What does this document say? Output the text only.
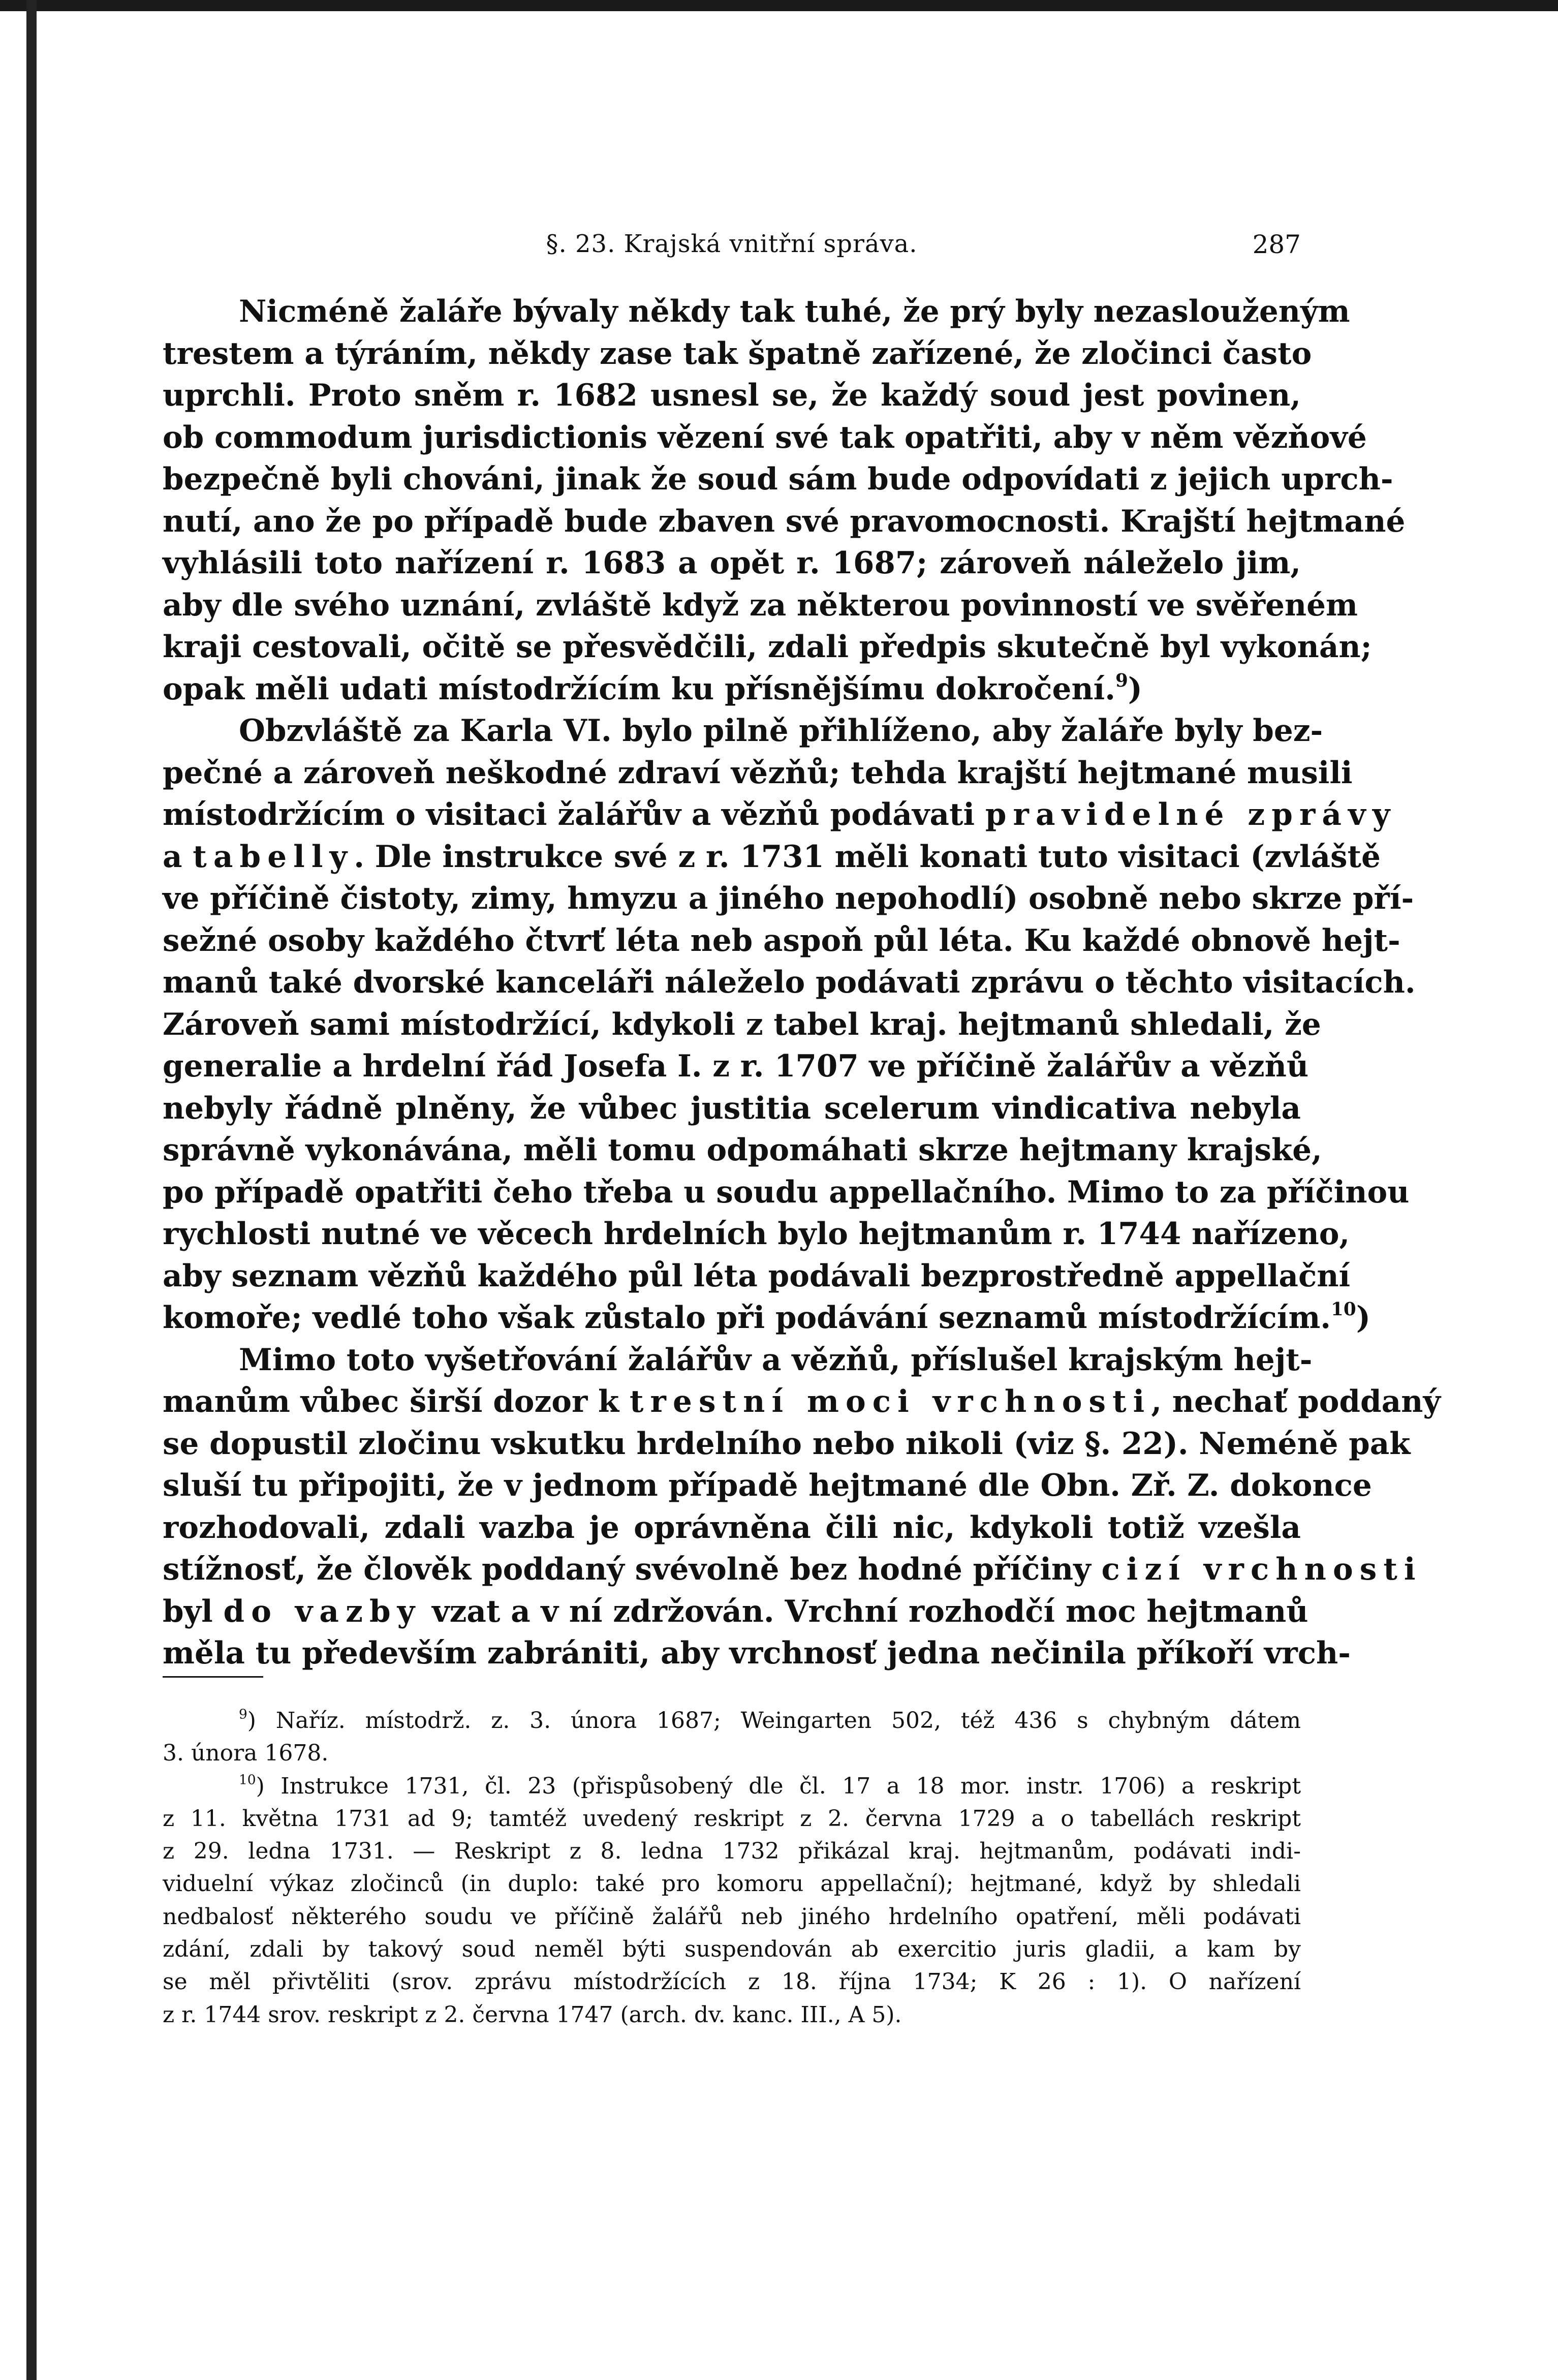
§. 23. Krajská vnitřní správa.	287
Nicméně žaláře bývaly někdy tak tuhé, že prý byly nezaslouženým
trestem a týráním, někdy zase tak špatně zařízené, že zločinci často
uprchli. Proto sněm r. 1682 usnesl se, že každý soud jest povinen,
ob commodum jurisdictionis vězení své tak opatřiti, aby v něm vězňové
bezpečně byli chováni, jinak že soud sám bude odpovídati z jejich uprch-
nutí, ano že po případě bude zbaven své pravomocnosti. Krajští hejtmané
vyhlásili toto nařízení r. 1683 a opět r. 1687; zároveň náleželo jim,
aby dle svého uznání, zvláště když za některou povinností ve svěřeném
kraji cestovali, očitě se přesvědčili, zdali předpis skutečně byl vykonán;
opak měli udati místodržícím ku přísnějšímu dokročení.$^9$)
Obzvláště za Karla VI. bylo pilně přihlíženo, aby žaláře byly bez-
pečné a zároveň neškodné zdraví vězňů; tehda krajští hejtmané musili
místodržícím o visitaci žalářův a vězňů podávati pravidelné zprávy
a tabelly. Dle instrukce své z r. 1731 měli konati tuto visitaci (zvláště
ve příčině čistoty, zimy, hmyzu a jiného nepohodlí) osobně nebo skrze pří-
sežné osoby každého čtvrť léta neb aspoň půl léta. Ku každé obnově hejt-
manů také dvorské kanceláři náleželo podávati zprávu o těchto visitacích.
Zároveň sami místodržící, kdykoli z tabel kraj. hejtmanů shledali, že
generalie a hrdelní řád Josefa I. z r. 1707 ve příčině žalářův a vězňů
nebyly řádně plněny, že vůbec justitia scelerum vindicativa nebyla
správně vykonávána, měli tomu odpomáhati skrze hejtmany krajské,
po případě opatřiti čeho třeba u soudu appellačního. Mimo to za příčinou
rychlosti nutné ve věcech hrdelních bylo hejtmanům r. 1744 nařízeno,
aby seznam vězňů každého půl léta podávali bezprostředně appellační
komoře; vedlé toho však zůstalo při podávání seznamů místodržícím.$^{10}$)
Mimo toto vyšetřování žalářův a vězňů, příslušel krajským hejt-
manům vůbec širší dozor k trestní moci vrchnosti, nechať poddaný
se dopustil zločinu vskutku hrdelního nebo nikoli (viz §. 22). Neméně pak
sluší tu připojiti, že v jednom případě hejtmané dle Obn. Zř. Z. dokonce
rozhodovali, zdali vazba je oprávněna čili nic, kdykoli totiž vzešla
stížnosť, že člověk poddaný svévolně bez hodné příčiny cizí vrchnosti
byl do vazby vzat a v ní zdržován. Vrchní rozhodčí moc hejtmanů
měla tu především zabrániti, aby vrchnosť jedna nečinila příkoří vrch-
$^9$) Naříz. místodrž. z. 3. února 1687; Weingarten 502, též 436 s chybným dátem
3. února 1678.
$^{10}$) Instrukce 1731, čl. 23 (přispůsobený dle čl. 17 a 18 mor. instr. 1706) a reskript
z 11. května 1731 ad 9; tamtéž uvedený reskript z 2. června 1729 a o tabellách reskript
z 29. ledna 1731. — Reskript z 8. ledna 1732 přikázal kraj. hejtmanům, podávati indi-
viduelní výkaz zločinců (in duplo: také pro komoru appellační); hejtmané, když by shledali
nedbalosť některého soudu ve příčině žalářů neb jiného hrdelního opatření, měli podávati
zdání, zdali by takový soud neměl býti suspendován ab exercitio juris gladii, a kam by
se měl přivtěliti (srov. zprávu místodržících z 18. října 1734; K 26 : 1). O nařízení
z r. 1744 srov. reskript z 2. června 1747 (arch. dv. kanc. III., A 5).
